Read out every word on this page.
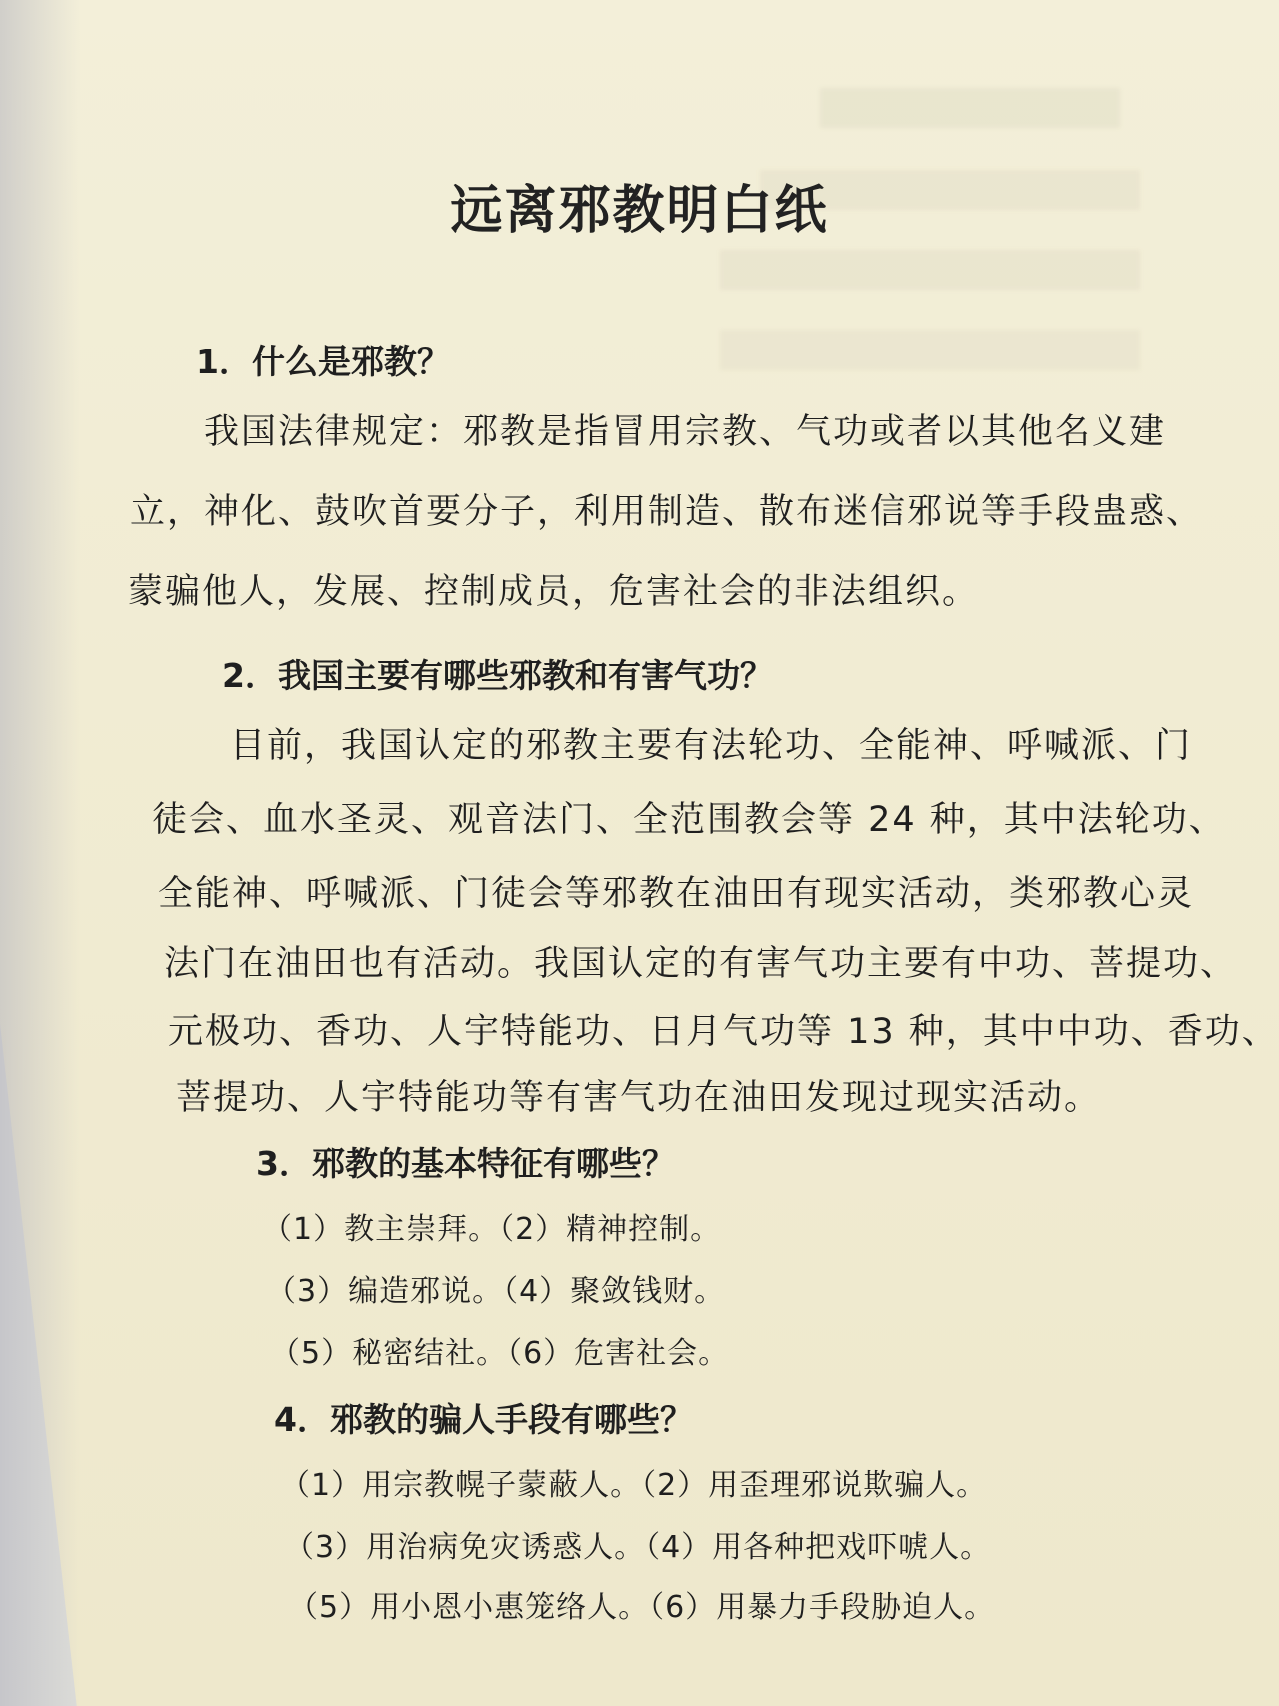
远离邪教明白纸
1．什么是邪教？

我国法律规定：邪教是指冒用宗教、气功或者以其他名义建

立，神化、鼓吹首要分子，利用制造、散布迷信邪说等手段蛊惑、

蒙骗他人，发展、控制成员，危害社会的非法组织。

2．我国主要有哪些邪教和有害气功？

目前，我国认定的邪教主要有法轮功、全能神、呼喊派、门

徒会、血水圣灵、观音法门、全范围教会等 24 种，其中法轮功、

全能神、呼喊派、门徒会等邪教在油田有现实活动，类邪教心灵

法门在油田也有活动。我国认定的有害气功主要有中功、菩提功、

元极功、香功、人宇特能功、日月气功等 13 种，其中中功、香功、

菩提功、人宇特能功等有害气功在油田发现过现实活动。

3．邪教的基本特征有哪些？

（1）教主崇拜。（2）精神控制。

（3）编造邪说。（4）聚敛钱财。

（5）秘密结社。（6）危害社会。

4．邪教的骗人手段有哪些？

（1）用宗教幌子蒙蔽人。（2）用歪理邪说欺骗人。

（3）用治病免灾诱惑人。（4）用各种把戏吓唬人。

（5）用小恩小惠笼络人。（6）用暴力手段胁迫人。
